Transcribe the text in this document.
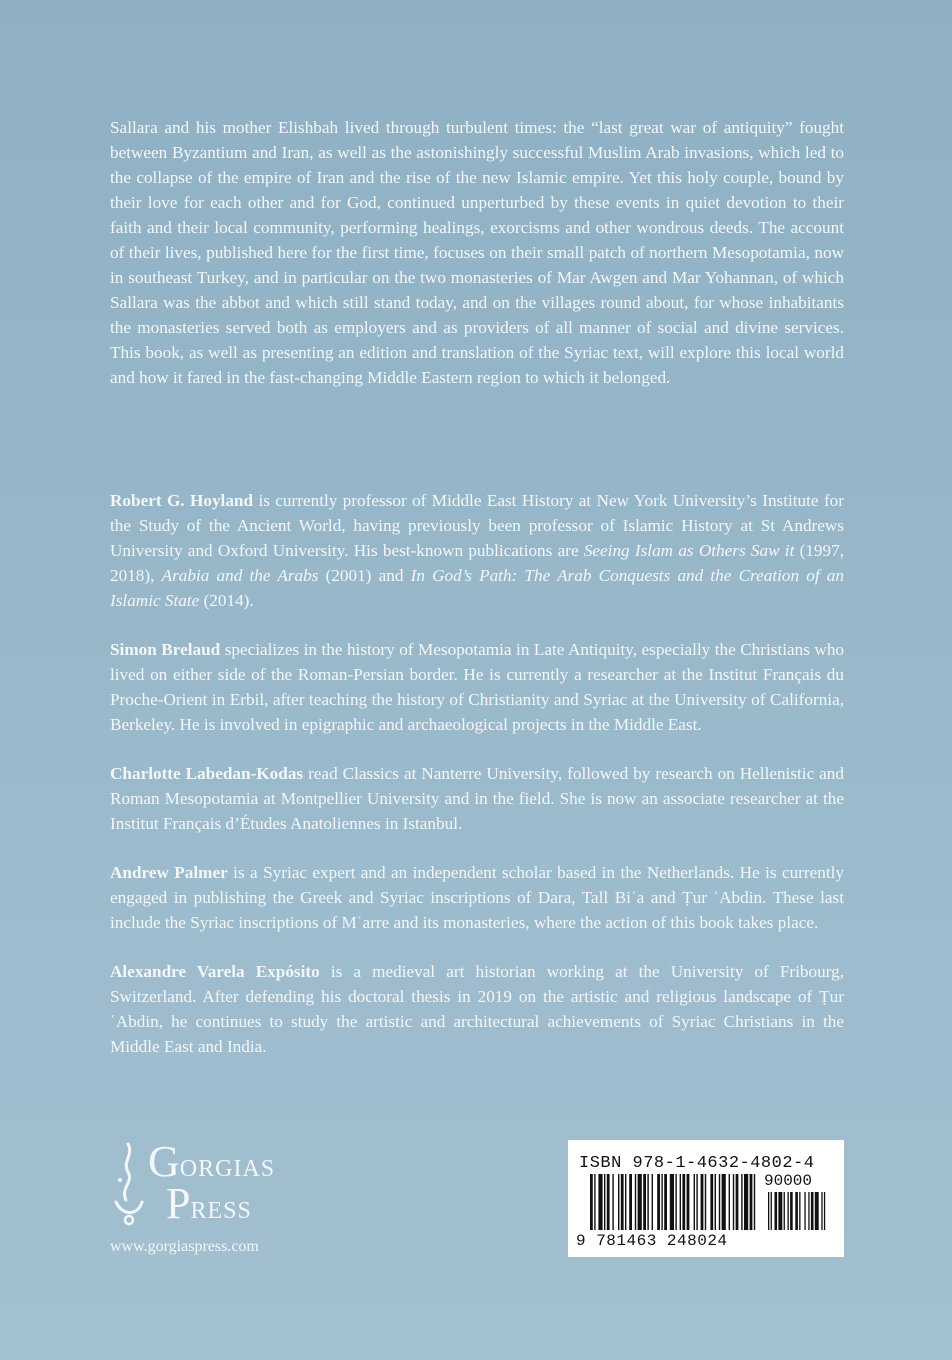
Sallara and his mother Elishbah lived through turbulent times: the “last great war of antiquity” fought between Byzantium and Iran, as well as the astonishingly successful Muslim Arab invasions, which led to the collapse of the empire of Iran and the rise of the new Islamic empire. Yet this holy couple, bound by their love for each other and for God, continued unperturbed by these events in quiet devotion to their faith and their local community, performing healings, exorcisms and other wondrous deeds. The account of their lives, published here for the first time, focuses on their small patch of northern Mesopotamia, now in southeast Turkey, and in particular on the two monasteries of Mar Awgen and Mar Yohannan, of which Sallara was the abbot and which still stand today, and on the villages round about, for whose inhabitants the monasteries served both as employers and as providers of all manner of social and divine services. This book, as well as presenting an edition and translation of the Syriac text, will explore this local world and how it fared in the fast-changing Middle Eastern region to which it belonged.

Robert G. Hoyland is currently professor of Middle East History at New York University’s Institute for the Study of the Ancient World, having previously been professor of Islamic History at St Andrews University and Oxford University. His best-known publications are Seeing Islam as Others Saw it (1997, 2018), Arabia and the Arabs (2001) and In God’s Path: The Arab Conquests and the Creation of an Islamic State (2014).

Simon Brelaud specializes in the history of Mesopotamia in Late Antiquity, especially the Christians who lived on either side of the Roman-Persian border. He is currently a researcher at the Institut Français du Proche-Orient in Erbil, after teaching the history of Christianity and Syriac at the University of California, Berkeley. He is involved in epigraphic and archaeological projects in the Middle East.

Charlotte Labedan-Kodas read Classics at Nanterre University, followed by research on Hellenistic and Roman Mesopotamia at Montpellier University and in the field. She is now an associate researcher at the Institut Français d’Études Anatoliennes in Istanbul.

Andrew Palmer is a Syriac expert and an independent scholar based in the Netherlands. He is currently engaged in publishing the Greek and Syriac inscriptions of Dara, Tall Biʿa and Ṭur ʿAbdin. These last include the Syriac inscriptions of Mʿarre and its monasteries, where the action of this book takes place.

Alexandre Varela Expósito is a medieval art historian working at the University of Fribourg, Switzerland. After defending his doctoral thesis in 2019 on the artistic and religious landscape of Ṭur ʿAbdin, he continues to study the artistic and architectural achievements of Syriac Christians in the Middle East and India.

GORGIAS
PRESS
www.gorgiaspress.com
ISBN 978-1-4632-4802-4
90000
9 781463 248024
